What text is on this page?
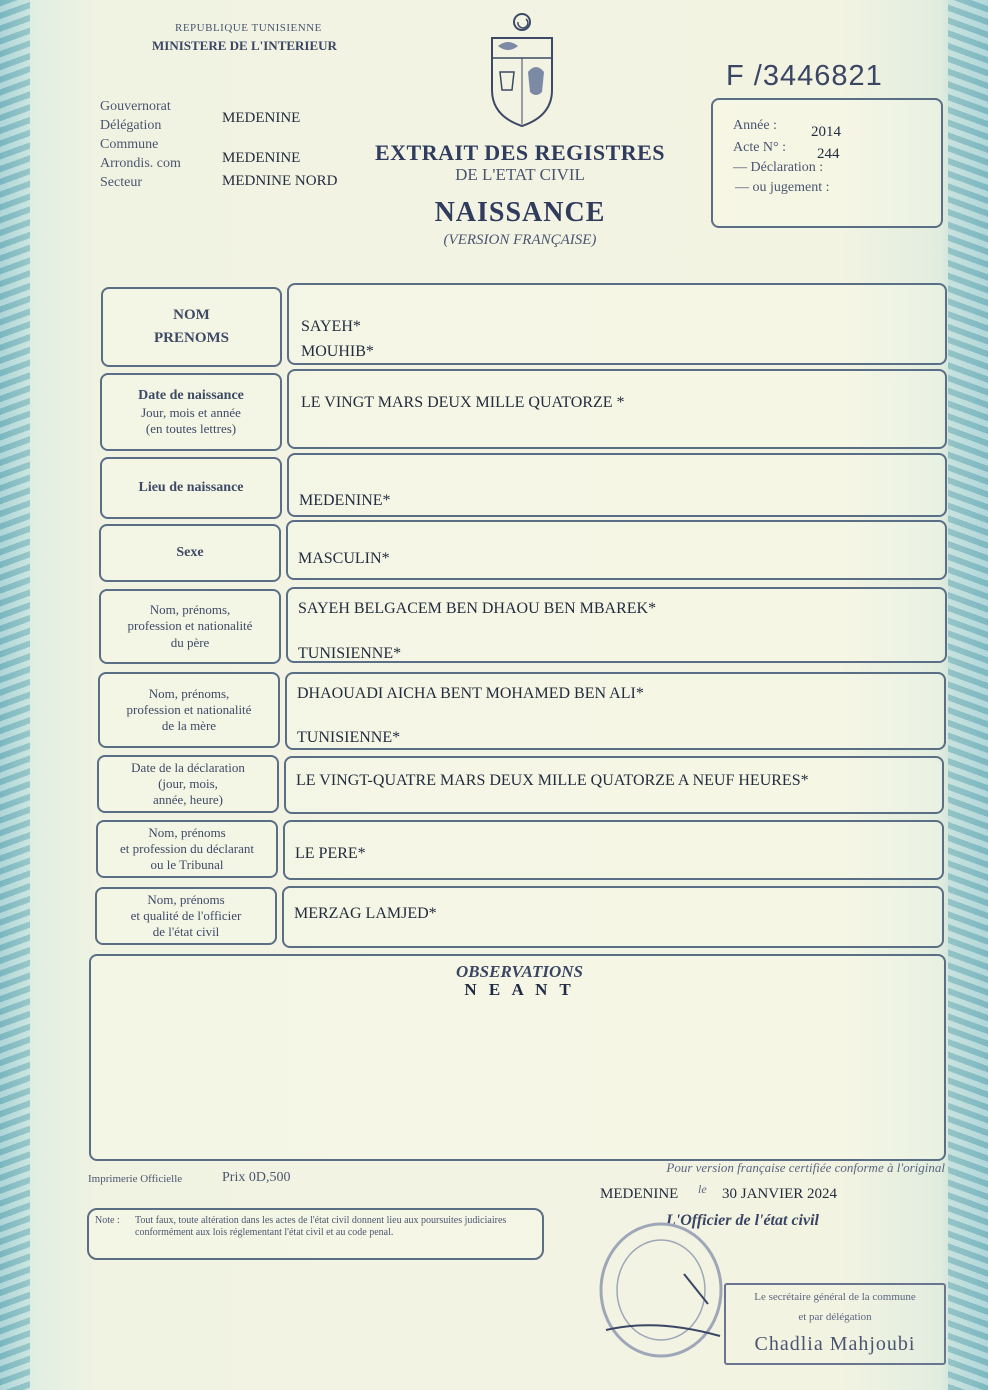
REPUBLIQUE TUNISIENNE
MINISTERE DE L'INTERIEUR
Gouvernorat
Délégation
Commune
Arrondis. com
Secteur
MEDENINE
MEDENINE
MEDNINE NORD
EXTRAIT DES REGISTRES
DE L'ETAT CIVIL
NAISSANCE
(VERSION FRANÇAISE)
F /3446821
Année : 2014
Acte N° : 244
— Déclaration :
— ou jugement :
NOM
PRENOMS
SAYEH*
MOUHIB*
Date de naissance
Jour, mois et année
(en toutes lettres)
LE VINGT MARS DEUX MILLE QUATORZE *
Lieu de naissance
MEDENINE*
Sexe	MASCULIN*
Nom, prénoms,
profession et nationalité
du père
SAYEH BELGACEM BEN DHAOU BEN MBAREK*
TUNISIENNE*
Nom, prénoms,
profession et nationalité
de la mère
DHAOUADI AICHA BENT MOHAMED BEN ALI*
TUNISIENNE*
Date de la déclaration
(jour, mois,
année, heure)
LE VINGT-QUATRE MARS DEUX MILLE QUATORZE A NEUF HEURES*
Nom, prénoms
et profession du déclarant
ou le Tribunal
LE PERE*
Nom, prénoms
et qualité de l'officier
de l'état civil
MERZAG LAMJED*
OBSERVATIONS
N E A N T
Imprimerie Officielle	Prix 0D,500
Note : Tout faux, toute altération dans les actes de l'état civil donnent lieu aux poursuites judiciaires conformément aux lois réglementant l'état civil et au code penal.
Pour version française certifiée conforme à l'original
MEDENINE le 30 JANVIER 2024
L'Officier de l'état civil
Le secrétaire général de la commune
et par délégation
Chadlia Mahjoubi
